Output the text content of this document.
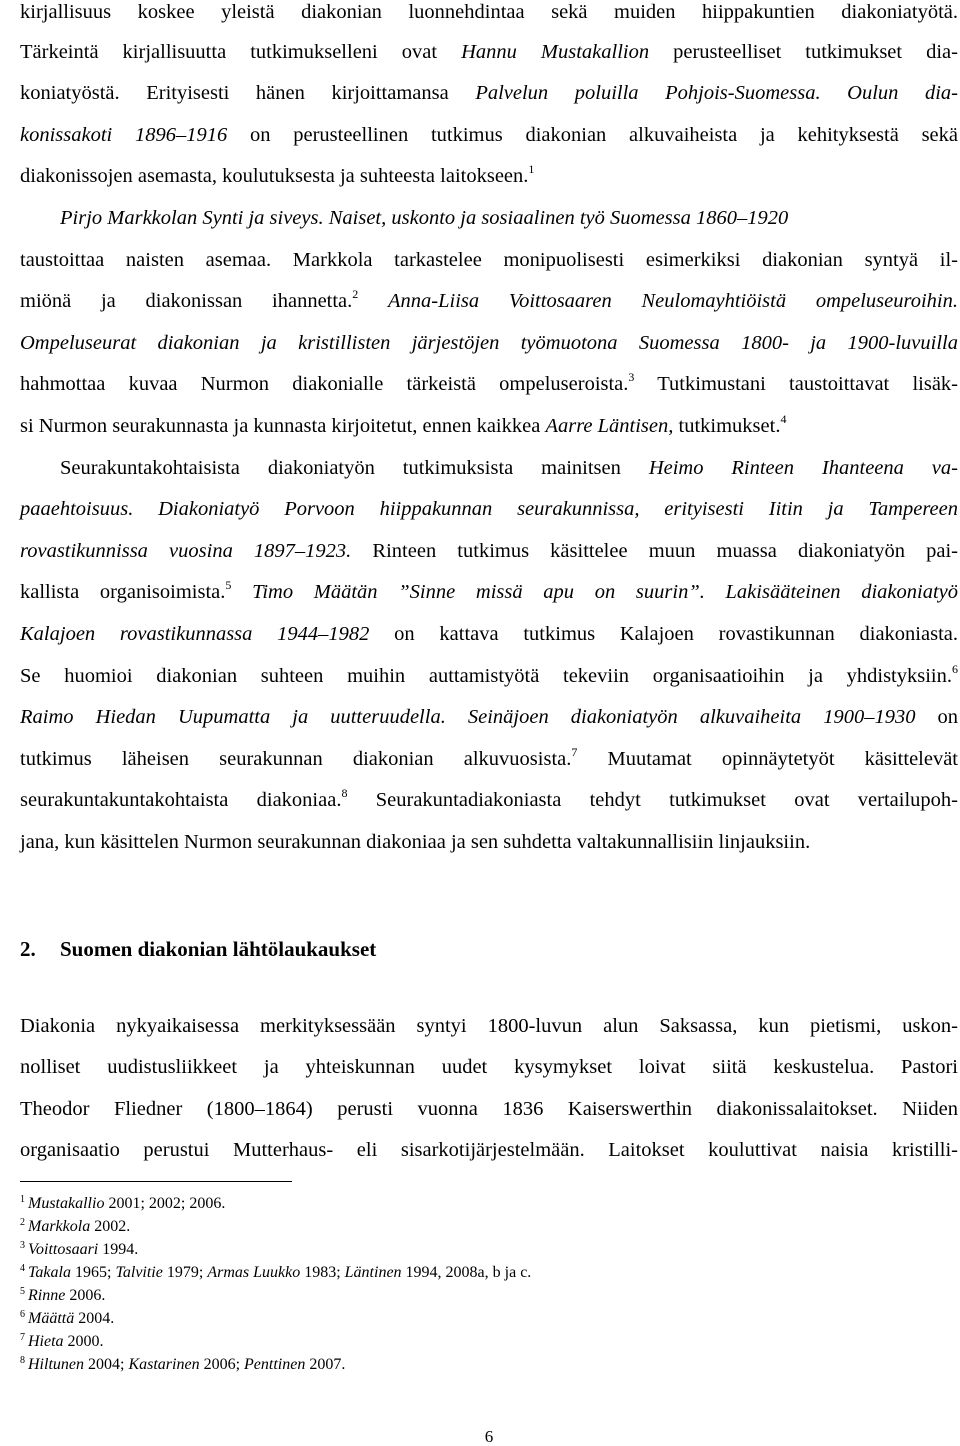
kirjallisuus koskee yleistä diakonian luonnehdintaa sekä muiden hiippakuntien diakoniatyötä.
Tärkeintä kirjallisuutta tutkimukselleni ovat Hannu Mustakallion perusteelliset tutkimukset dia-
koniatyöstä. Erityisesti hänen kirjoittamansa Palvelun poluilla Pohjois-Suomessa. Oulun dia-
konissakoti 1896–1916 on perusteellinen tutkimus diakonian alkuvaiheista ja kehityksestä sekä
diakonissojen asemasta, koulutuksesta ja suhteesta laitokseen.$^1$
Pirjo Markkolan Synti ja siveys. Naiset, uskonto ja sosiaalinen työ Suomessa 1860–1920
taustoittaa naisten asemaa. Markkola tarkastelee monipuolisesti esimerkiksi diakonian syntyä il-
miönä ja diakonissan ihannetta.$^2$ Anna-Liisa Voittosaaren Neulomayhtiöistä ompeluseuroihin.
Ompeluseurat diakonian ja kristillisten järjestöjen työmuotona Suomessa 1800- ja 1900-luvuilla
hahmottaa kuvaa Nurmon diakonialle tärkeistä ompeluseroista.$^3$ Tutkimustani taustoittavat lisäk-
si Nurmon seurakunnasta ja kunnasta kirjoitetut, ennen kaikkea Aarre Läntisen, tutkimukset.$^4$
Seurakuntakohtaisista diakoniatyön tutkimuksista mainitsen Heimo Rinteen Ihanteena va-
paaehtoisuus. Diakoniatyö Porvoon hiippakunnan seurakunnissa, erityisesti Iitin ja Tampereen
rovastikunnissa vuosina 1897–1923. Rinteen tutkimus käsittelee muun muassa diakoniatyön pai-
kallista organisoimista.$^5$ Timo Määtän ”Sinne missä apu on suurin”. Lakisääteinen diakoniatyö
Kalajoen rovastikunnassa 1944–1982 on kattava tutkimus Kalajoen rovastikunnan diakoniasta.
Se huomioi diakonian suhteen muihin auttamistyötä tekeviin organisaatioihin ja yhdistyksiin.$^6$
Raimo Hiedan Uupumatta ja uutteruudella. Seinäjoen diakoniatyön alkuvaiheita 1900–1930 on
tutkimus läheisen seurakunnan diakonian alkuvuosista.$^7$ Muutamat opinnäytetyöt käsittelevät
seurakuntakuntakohtaista diakoniaa.$^8$ Seurakuntadiakoniasta tehdyt tutkimukset ovat vertailupoh-
jana, kun käsittelen Nurmon seurakunnan diakoniaa ja sen suhdetta valtakunnallisiin linjauksiin.
2. Suomen diakonian lähtölaukaukset
Diakonia nykyaikaisessa merkityksessään syntyi 1800-luvun alun Saksassa, kun pietismi, uskon-
nolliset uudistusliikkeet ja yhteiskunnan uudet kysymykset loivat siitä keskustelua. Pastori
Theodor Fliedner (1800–1864) perusti vuonna 1836 Kaiserswerthin diakonissalaitokset. Niiden
organisaatio perustui Mutterhaus- eli sisarkotijärjestelmään. Laitokset kouluttivat naisia kristilli-
$^1$ Mustakallio 2001; 2002; 2006.
$^2$ Markkola 2002.
$^3$ Voittosaari 1994.
$^4$ Takala 1965; Talvitie 1979; Armas Luukko 1983; Läntinen 1994, 2008a, b ja c.
$^5$ Rinne 2006.
$^6$ Määttä 2004.
$^7$ Hieta 2000.
$^8$ Hiltunen 2004; Kastarinen 2006; Penttinen 2007.
6
